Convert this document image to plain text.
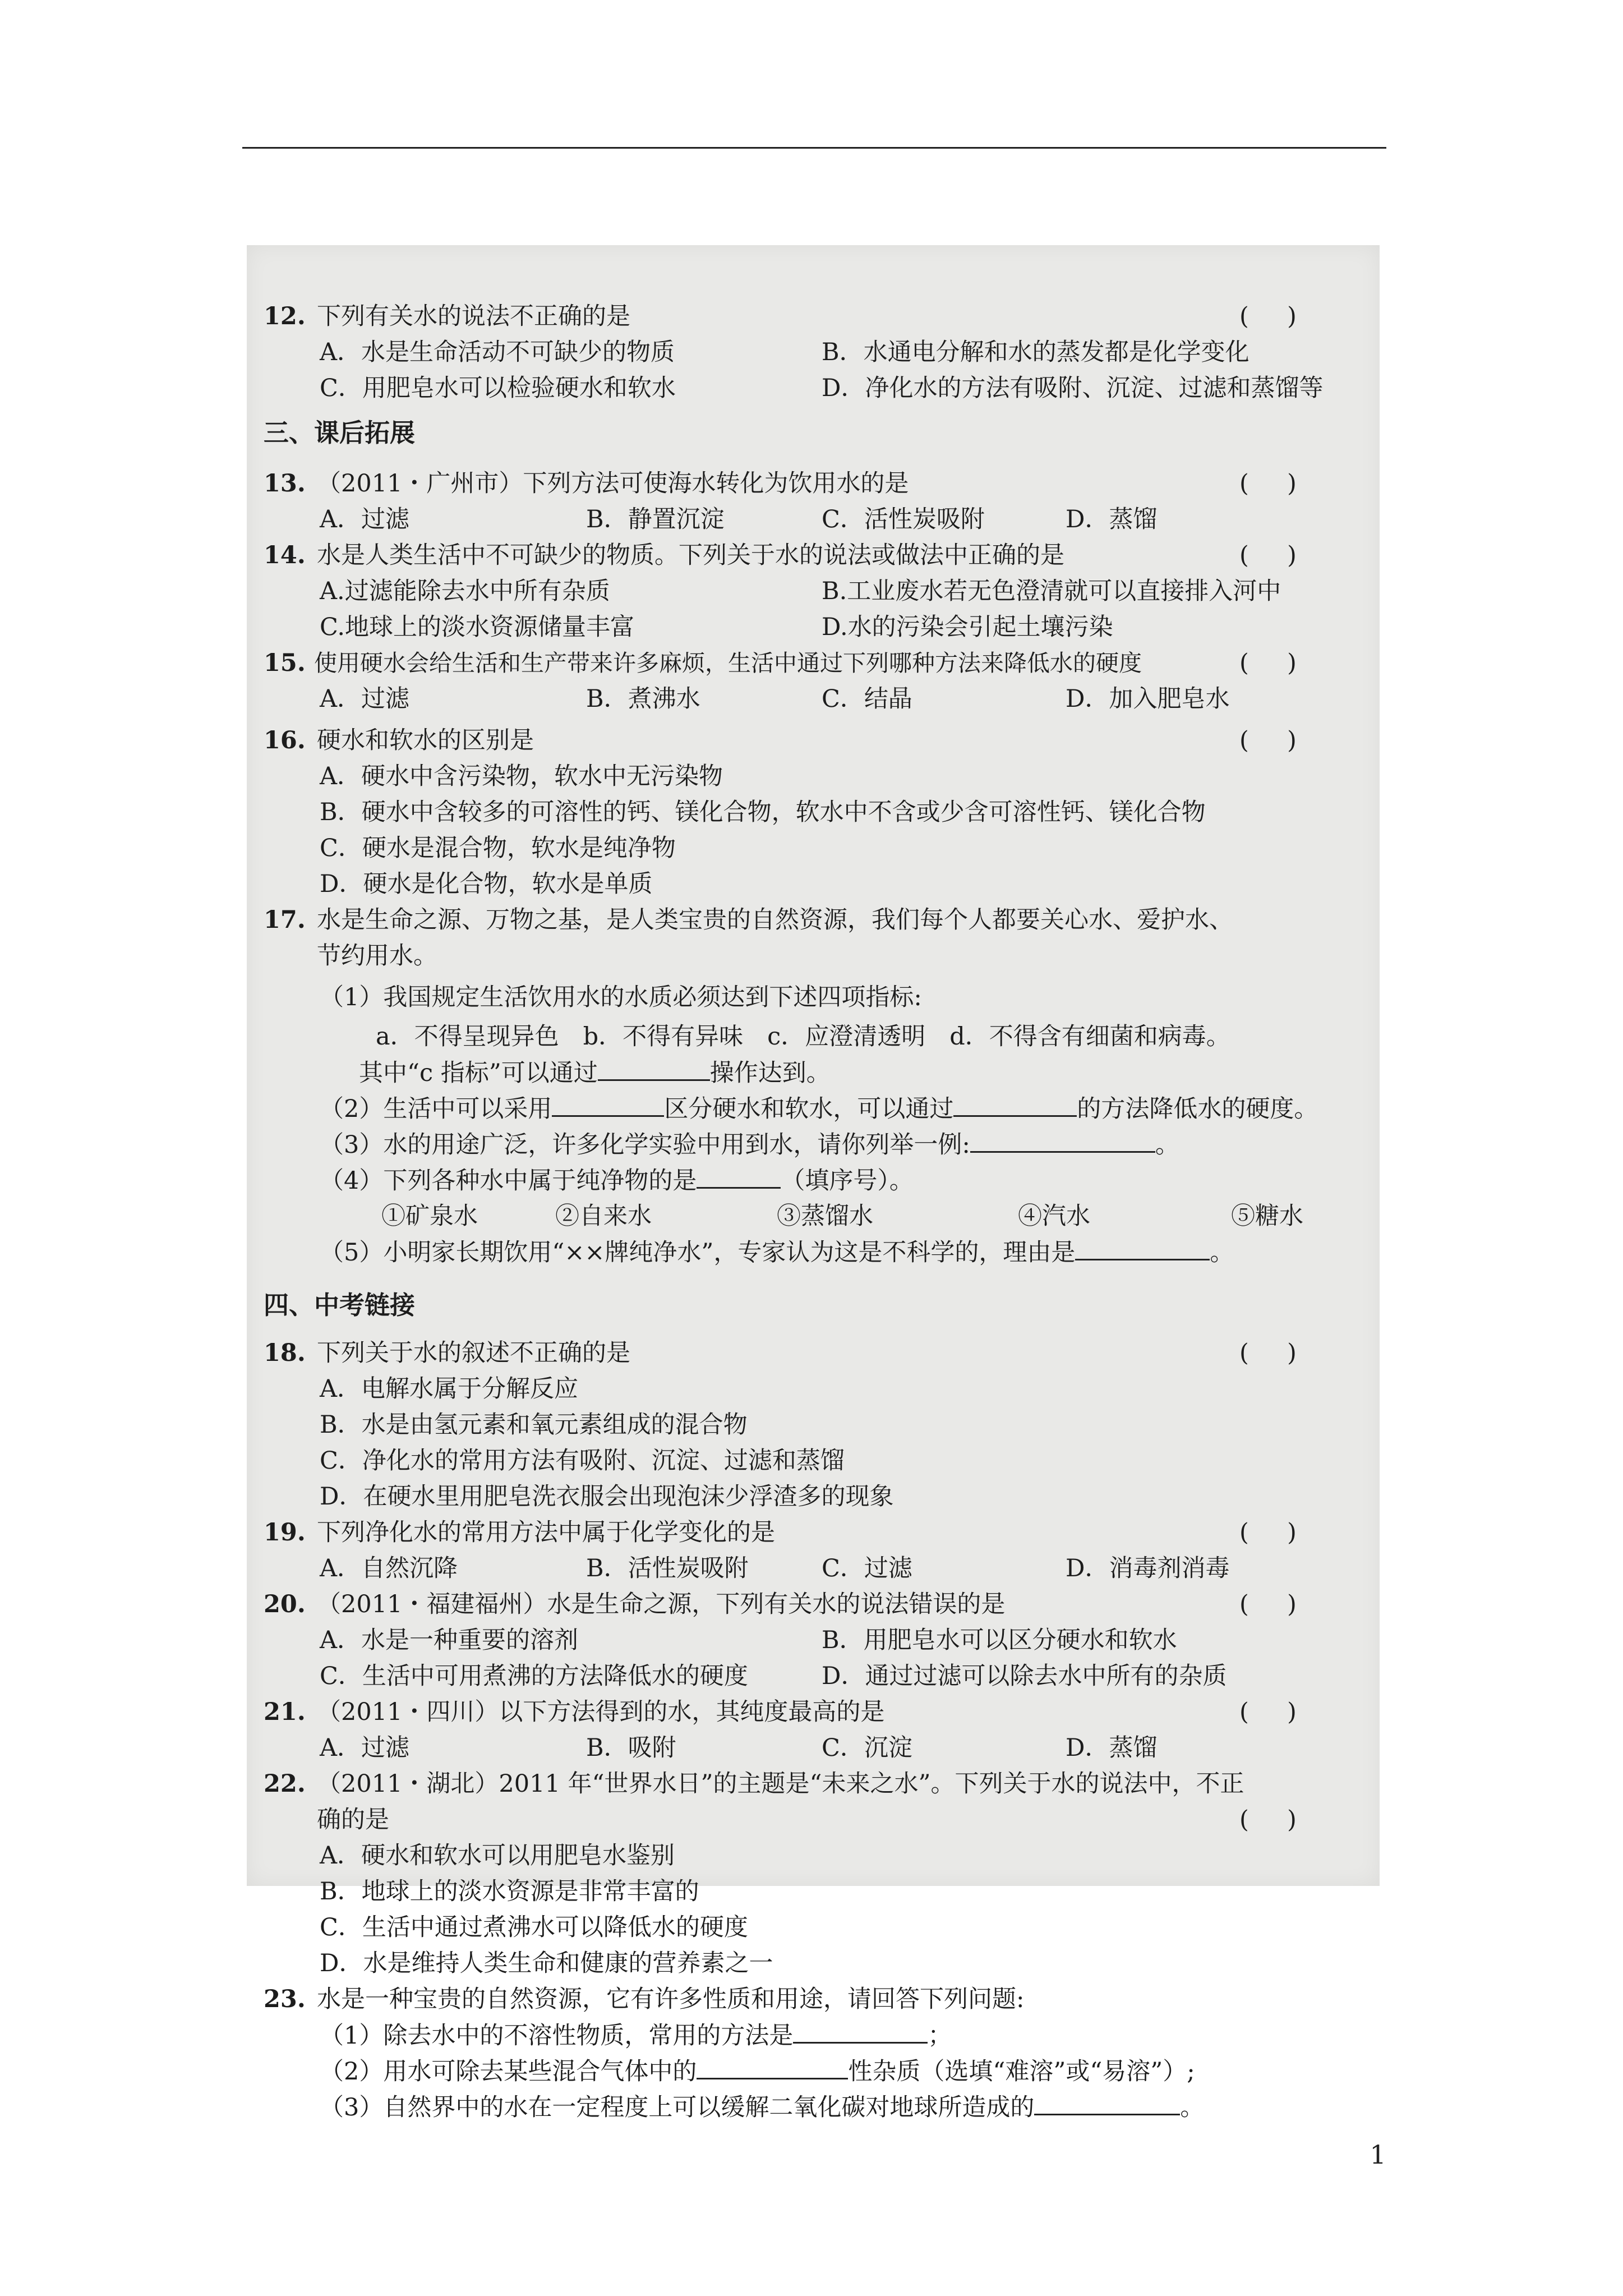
12. 下列有关水的说法不正确的是	(     )
A．水是生命活动不可缺少的物质	B．水通电分解和水的蒸发都是化学变化
C．用肥皂水可以检验硬水和软水	D．净化水的方法有吸附、沉淀、过滤和蒸馏等
三、课后拓展
13. （2011・广州市）下列方法可使海水转化为饮用水的是	(     )
A．过滤	B．静置沉淀	C．活性炭吸附	D．蒸馏
14. 水是人类生活中不可缺少的物质。下列关于水的说法或做法中正确的是	(     )
A.过滤能除去水中所有杂质	B.工业废水若无色澄清就可以直接排入河中
C.地球上的淡水资源储量丰富	D.水的污染会引起土壤污染
15. 使用硬水会给生活和生产带来许多麻烦，生活中通过下列哪种方法来降低水的硬度	(     )
A．过滤	B．煮沸水	C．结晶	D．加入肥皂水
16. 硬水和软水的区别是	(     )
A．硬水中含污染物，软水中无污染物
B．硬水中含较多的可溶性的钙、镁化合物，软水中不含或少含可溶性钙、镁化合物
C．硬水是混合物，软水是纯净物
D．硬水是化合物，软水是单质
17. 水是生命之源、万物之基，是人类宝贵的自然资源，我们每个人都要关心水、爱护水、
节约用水。
（1）我国规定生活饮用水的水质必须达到下述四项指标:
a．不得呈现异色　b．不得有异味　c．应澄清透明　d．不得含有细菌和病毒。
其中“c 指标”可以通过	操作达到。
（2）生活中可以采用	区分硬水和软水，可以通过	的方法降低水的硬度。
（3）水的用途广泛，许多化学实验中用到水，请你列举一例:	。
（4）下列各种水中属于纯净物的是	（填序号）。
①矿泉水	②自来水	③蒸馏水	④汽水	⑤糖水
（5）小明家长期饮用“××牌纯净水”，专家认为这是不科学的，理由是	。
四、中考链接
18. 下列关于水的叙述不正确的是	(     )
A．电解水属于分解反应
B．水是由氢元素和氧元素组成的混合物
C．净化水的常用方法有吸附、沉淀、过滤和蒸馏
D．在硬水里用肥皂洗衣服会出现泡沫少浮渣多的现象
19. 下列净化水的常用方法中属于化学变化的是	(     )
A．自然沉降	B．活性炭吸附	C．过滤	D．消毒剂消毒
20. （2011・福建福州）水是生命之源，下列有关水的说法错误的是	(     )
A．水是一种重要的溶剂	B．用肥皂水可以区分硬水和软水
C．生活中可用煮沸的方法降低水的硬度	D．通过过滤可以除去水中所有的杂质
21. （2011・四川）以下方法得到的水，其纯度最高的是	(     )
A．过滤	B．吸附	C．沉淀	D．蒸馏
22. （2011・湖北）2011 年“世界水日”的主题是“未来之水”。下列关于水的说法中，不正
确的是	(     )
A．硬水和软水可以用肥皂水鉴别
B．地球上的淡水资源是非常丰富的
C．生活中通过煮沸水可以降低水的硬度
D．水是维持人类生命和健康的营养素之一
23. 水是一种宝贵的自然资源，它有许多性质和用途，请回答下列问题:
（1）除去水中的不溶性物质，常用的方法是	；
（2）用水可除去某些混合气体中的	性杂质（选填“难溶”或“易溶”）;
（3）自然界中的水在一定程度上可以缓解二氧化碳对地球所造成的	。
1
